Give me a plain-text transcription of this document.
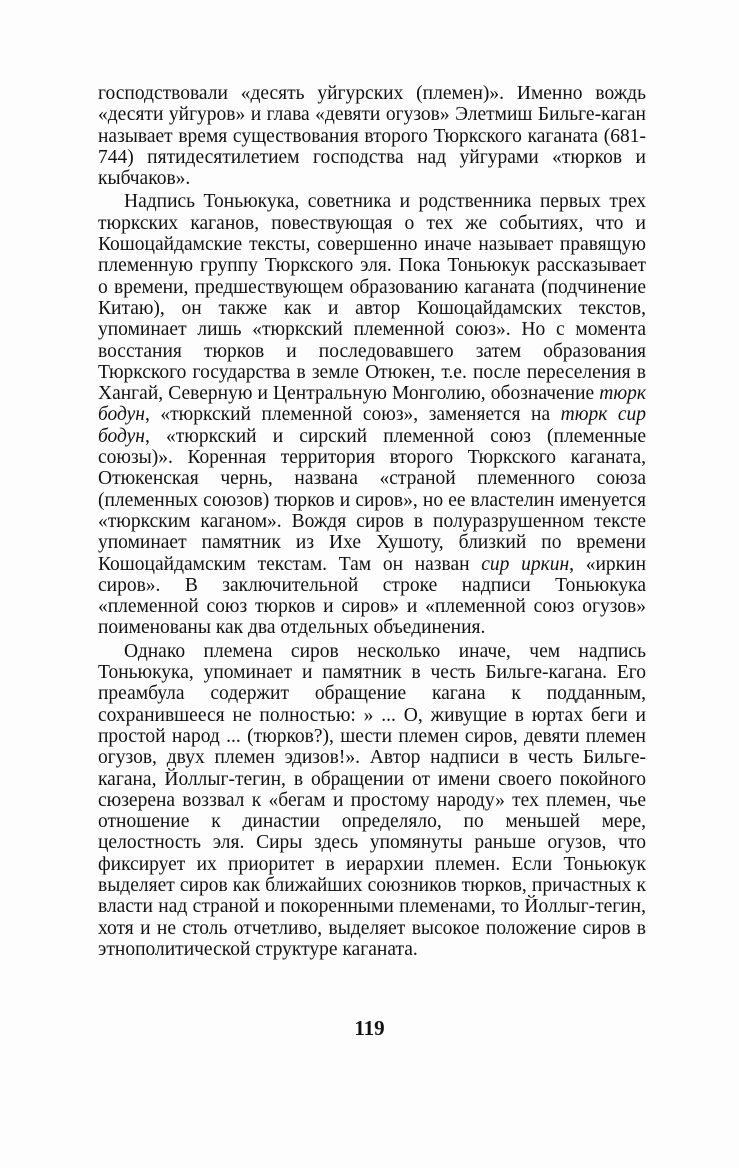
господствовали «десять уйгурских (племен)». Именно вождь «десяти уйгуров» и глава «девяти огузов» Элетмиш Бильге-каган называет время существования второго Тюркского каганата (681-744) пятидесятилетием господства над уйгурами «тюрков и кыбчаков».

Надпись Тоньюкука, советника и родственника первых трех тюркских каганов, повествующая о тех же событиях, что и Кошоцайдамские тексты, совершенно иначе называет правящую племенную группу Тюркского эля. Пока Тоньюкук рассказывает о времени, предшествующем образованию каганата (подчинение Китаю), он также как и автор Кошоцайдамских текстов, упоминает лишь «тюркский племенной союз». Но с момента восстания тюрков и последовавшего затем образования Тюркского государства в земле Отюкен, т.е. после переселения в Хангай, Северную и Центральную Монголию, обозначение тюрк бодун, «тюркский племенной союз», заменяется на тюрк сир бодун, «тюркский и сирский племенной союз (племенные союзы)». Коренная территория второго Тюркского каганата, Отюкенская чернь, названа «страной племенного союза (племенных союзов) тюрков и сиров», но ее властелин именуется «тюркским каганом». Вождя сиров в полуразрушенном тексте упоминает памятник из Ихе Хушоту, близкий по времени Кошоцайдамским текстам. Там он назван сир иркин, «иркин сиров». В заключительной строке надписи Тоньюкука «племенной союз тюрков и сиров» и «племенной союз огузов» поименованы как два отдельных объединения.

Однако племена сиров несколько иначе, чем надпись Тоньюкука, упоминает и памятник в честь Бильге-кагана. Его преамбула содержит обращение кагана к подданным, сохранившееся не полностью: » ... О, живущие в юртах беги и простой народ ... (тюрков?), шести племен сиров, девяти племен огузов, двух племен эдизов!». Автор надписи в честь Бильге-кагана, Йоллыг-тегин, в обращении от имени своего покойного сюзерена воззвал к «бегам и простому народу» тех племен, чье отношение к династии определяло, по меньшей мере, целостность эля. Сиры здесь упомянуты раньше огузов, что фиксирует их приоритет в иерархии племен. Если Тоньюкук выделяет сиров как ближайших союзников тюрков, причастных к власти над страной и покоренными племенами, то Йоллыг-тегин, хотя и не столь отчетливо, выделяет высокое положение сиров в этнополитической структуре каганата.

119
